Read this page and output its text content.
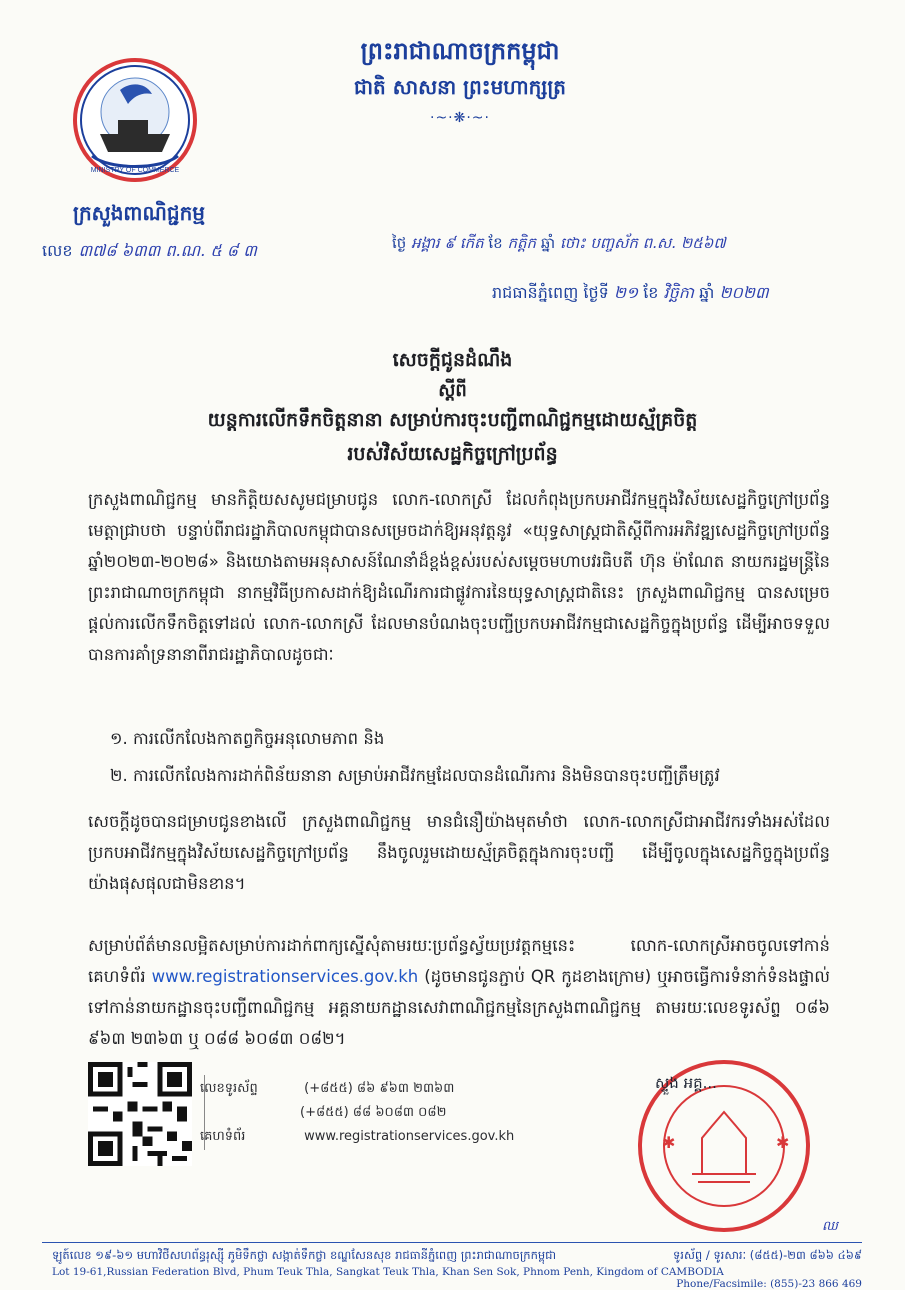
ព្រះរាជាណាចក្រកម្ពុជា
ជាតិ សាសនា ព្រះមហាក្សត្រ
·~·❋·~·
MINISTRY OF COMMERCE
ក្រសួងពាណិជ្ជកម្ម
លេខ ៣៧៨ ៦៣៣ ព.ណ. ៥ ៨ ៣	ថ្ងៃ អង្គារ ៩ កើត ខែ កត្តិក ឆ្នាំ ថោះ បញ្ចស័ក ព.ស. ២៥៦៧
រាជធានីភ្នំពេញ ថ្ងៃទី ២១ ខែ វិច្ឆិកា ឆ្នាំ ២០២៣
សេចក្ដីជូនដំណឹង
ស្ដីពី
យន្តការលើកទឹកចិត្តនានា សម្រាប់ការចុះបញ្ជីពាណិជ្ជកម្មដោយស្ម័គ្រចិត្ត
របស់វិស័យសេដ្ឋកិច្ចក្រៅប្រព័ន្ធ
ក្រសួងពាណិជ្ជកម្ម មានកិត្តិយសសូមជម្រាបជូន លោក-លោកស្រី ដែលកំពុងប្រកបអាជីវកម្មក្នុងវិស័យសេដ្ឋកិច្ចក្រៅប្រព័ន្ធ មេត្តាជ្រាបថា បន្ទាប់ពីរាជរដ្ឋាភិបាលកម្ពុជាបានសម្រេចដាក់ឱ្យអនុវត្តនូវ «យុទ្ធសាស្ត្រជាតិស្ដីពីការអភិវឌ្ឍសេដ្ឋកិច្ចក្រៅប្រព័ន្ធ ឆ្នាំ២០២៣-២០២៨» និងយោងតាមអនុសាសន៍ណែនាំដ៏ខ្ពង់ខ្ពស់របស់សម្ដេចមហាបវរធិបតី ហ៊ុន ម៉ាណែត នាយករដ្ឋមន្ត្រីនៃព្រះរាជាណាចក្រកម្ពុជា នាកម្មវិធីប្រកាសដាក់ឱ្យដំណើរការជាផ្លូវការនៃយុទ្ធសាស្ត្រជាតិនេះ ក្រសួងពាណិជ្ជកម្ម បានសម្រេចផ្ដល់ការលើកទឹកចិត្តទៅដល់ លោក-លោកស្រី ដែលមានបំណងចុះបញ្ជីប្រកបអាជីវកម្មជាសេដ្ឋកិច្ចក្នុងប្រព័ន្ធ ដើម្បីអាចទទួលបានការគាំទ្រនានាពីរាជរដ្ឋាភិបាលដូចជាៈ
១. ការលើកលែងកាតព្វកិច្ចអនុលោមភាព និង
២. ការលើកលែងការដាក់ពិន័យនានា សម្រាប់អាជីវកម្មដែលបានដំណើរការ និងមិនបានចុះបញ្ជីត្រឹមត្រូវ
សេចក្ដីដូចបានជម្រាបជូនខាងលើ ក្រសួងពាណិជ្ជកម្ម មានជំនឿយ៉ាងមុតមាំថា លោក-លោកស្រីជាអាជីវករទាំងអស់ដែលប្រកបអាជីវកម្មក្នុងវិស័យសេដ្ឋកិច្ចក្រៅប្រព័ន្ធ នឹងចូលរួមដោយស្ម័គ្រចិត្តក្នុងការចុះបញ្ជី ដើម្បីចូលក្នុងសេដ្ឋកិច្ចក្នុងប្រព័ន្ធយ៉ាងផុសផុលជាមិនខាន។
សម្រាប់ព័ត៌មានលម្អិតសម្រាប់ការដាក់ពាក្យស្នើសុំតាមរយៈប្រព័ន្ធស្វ័យប្រវត្តកម្មនេះ លោក-លោកស្រីអាចចូលទៅកាន់គេហទំព័រ www.registrationservices.gov.kh (ដូចមានជូនភ្ជាប់ QR កូដខាងក្រោម) ឬអាចធ្វើការទំនាក់ទំនងផ្ទាល់ទៅកាន់នាយកដ្ឋានចុះបញ្ជីពាណិជ្ជកម្ម អគ្គនាយកដ្ឋានសេវាពាណិជ្ជកម្មនៃក្រសួងពាណិជ្ជកម្ម តាមរយៈលេខទូរស័ព្ទ ០៨៦ ៩៦៣ ២៣៦៣ ឬ ០៨៨ ៦០៨៣ ០៨២។
លេខទូរស័ព្ទ	(+៨៥៥) ៨៦ ៩៦៣ ២៣៦៣
(+៨៥៥) ៨៨ ៦០៨៣ ០៨២
គេហទំព័រ	www.registrationservices.gov.kh	✱	✱
ស្ទួង អគ្គ...
ឈ
ឡូត៍លេខ ១៩-៦១ មហាវិថីសហព័ន្ធរុស្ស៊ី ភូមិទឹកថ្លា សង្កាត់ទឹកថ្លា ខណ្ឌសែនសុខ រាជធានីភ្នំពេញ ព្រះរាជាណាចក្រកម្ពុជា	ទូរស័ព្ទ / ទូរសារៈ (៨៥៥)-២៣ ៨៦៦ ៤៦៩
Lot 19-61,Russian Federation Blvd, Phum Teuk Thla, Sangkat Teuk Thla, Khan Sen Sok, Phnom Penh, Kingdom of CAMBODIA
Phone/Facsimile: (855)-23 866 469
